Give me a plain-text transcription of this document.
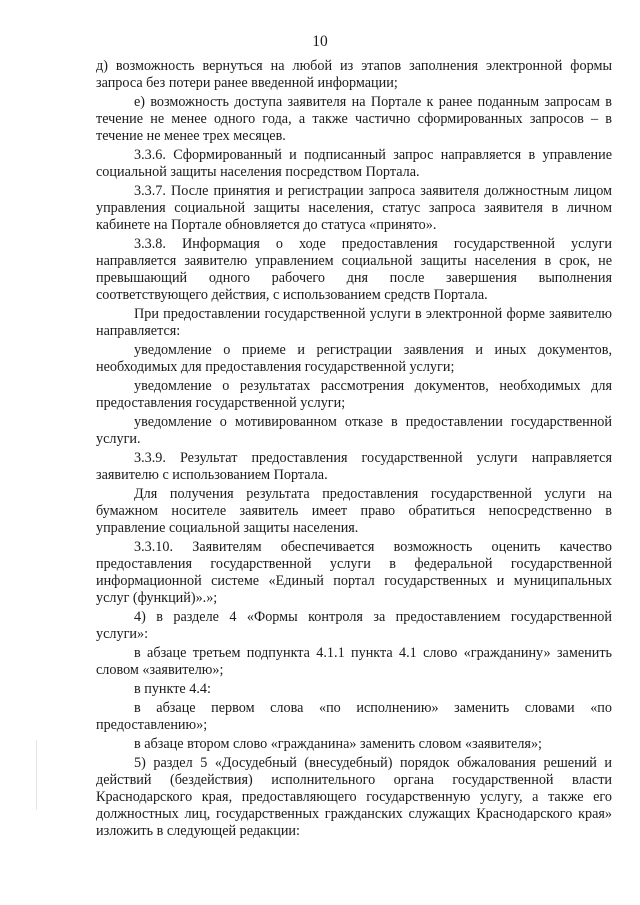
10

д) возможность вернуться на любой из этапов заполнения электронной формы запроса без потери ранее введенной информации;

е) возможность доступа заявителя на Портале к ранее поданным запросам в течение не менее одного года, а также частично сформированных запросов – в течение не менее трех месяцев.

3.3.6. Сформированный и подписанный запрос направляется в управление социальной защиты населения посредством Портала.

3.3.7. После принятия и регистрации запроса заявителя должностным лицом управления социальной защиты населения, статус запроса заявителя в личном кабинете на Портале обновляется до статуса «принято».

3.3.8. Информация о ходе предоставления государственной услуги направляется заявителю управлением социальной защиты населения в срок, не превышающий одного рабочего дня после завершения выполнения соответствующего действия, с использованием средств Портала.

При предоставлении государственной услуги в электронной форме заявителю направляется:

уведомление о приеме и регистрации заявления и иных документов, необходимых для предоставления государственной услуги;

уведомление о результатах рассмотрения документов, необходимых для предоставления государственной услуги;

уведомление о мотивированном отказе в предоставлении государственной услуги.

3.3.9. Результат предоставления государственной услуги направляется заявителю с использованием Портала.

Для получения результата предоставления государственной услуги на бумажном носителе заявитель имеет право обратиться непосредственно в управление социальной защиты населения.

3.3.10. Заявителям обеспечивается возможность оценить качество предоставления государственной услуги в федеральной государственной информационной системе «Единый портал государственных и муниципальных услуг (функций)».»;

4) в разделе 4 «Формы контроля за предоставлением государственной услуги»:

в абзаце третьем подпункта 4.1.1 пункта 4.1 слово «гражданину» заменить словом «заявителю»;

в пункте 4.4:

в абзаце первом слова «по исполнению» заменить словами «по предоставлению»;

в абзаце втором слово «гражданина» заменить словом «заявителя»;

5) раздел 5 «Досудебный (внесудебный) порядок обжалования решений и действий (бездействия) исполнительного органа государственной власти Краснодарского края, предоставляющего государственную услугу, а также его должностных лиц, государственных гражданских служащих Краснодарского края» изложить в следующей редакции:
